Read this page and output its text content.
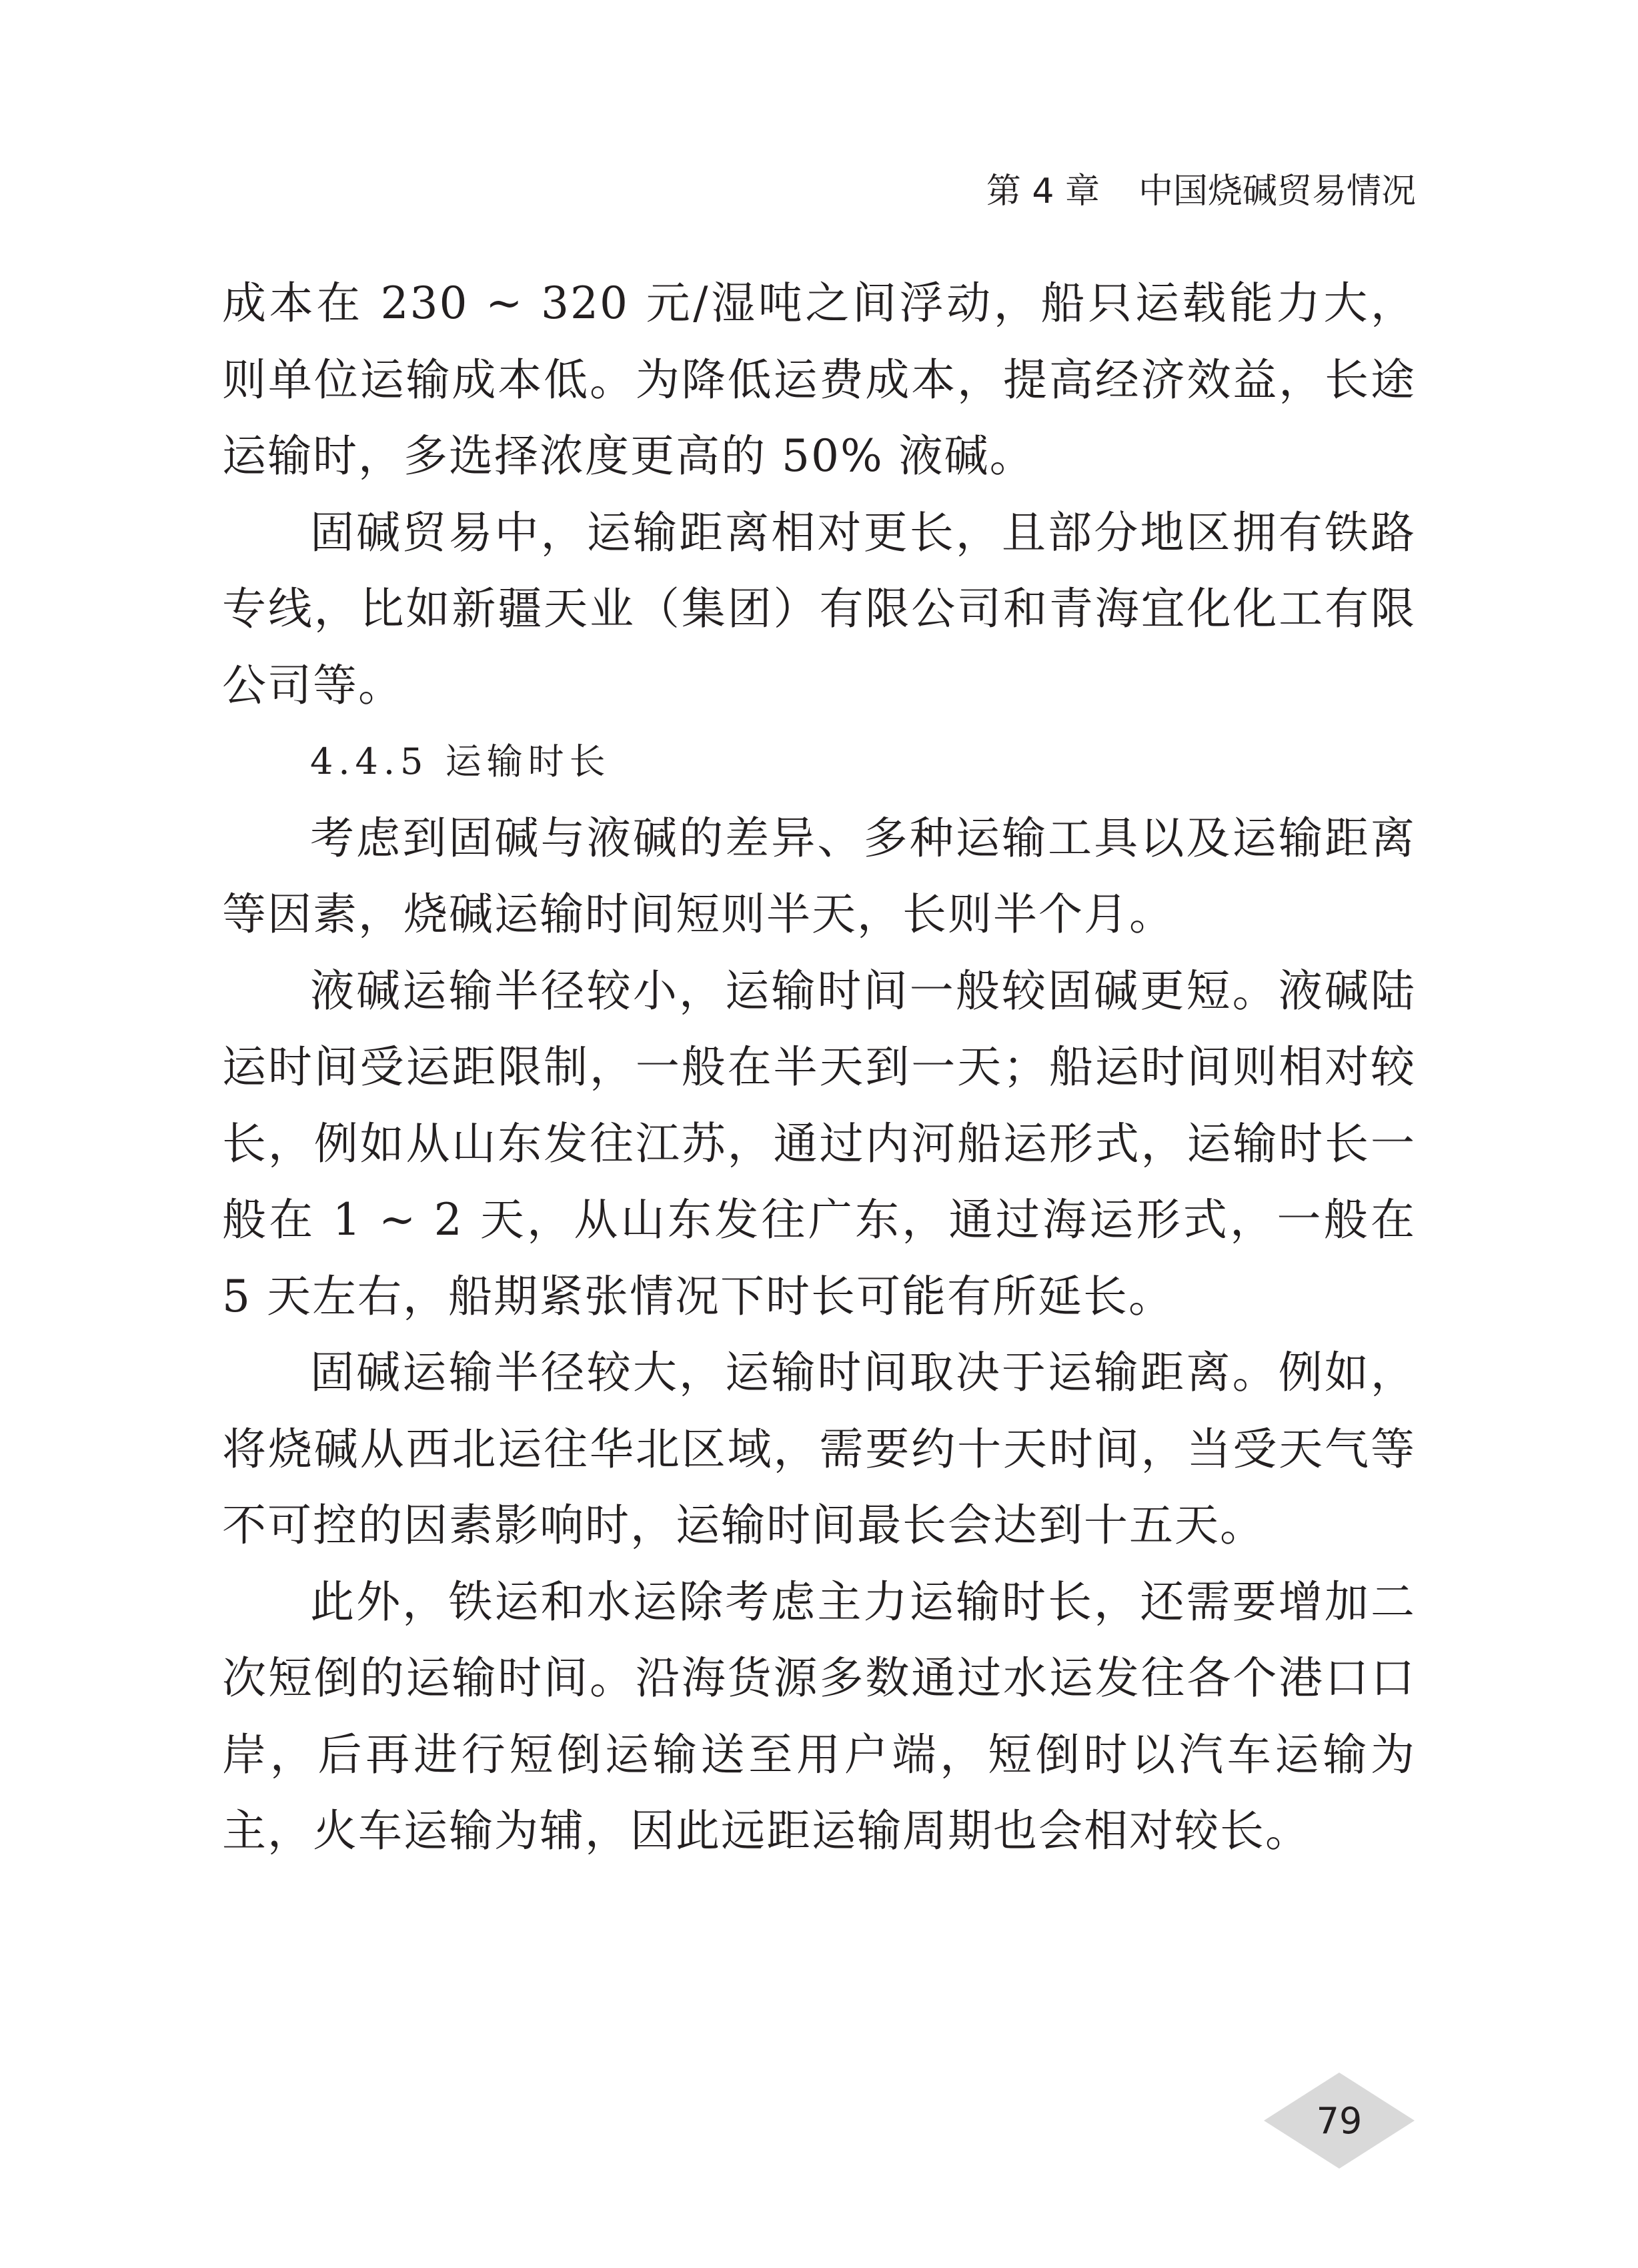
第 4 章 中国烧碱贸易情况

成本在 230 ~ 320 元/湿吨之间浮动，船只运载能力大，则单位运输成本低。为降低运费成本，提高经济效益，长途运输时，多选择浓度更高的 50% 液碱。

固碱贸易中，运输距离相对更长，且部分地区拥有铁路专线，比如新疆天业（集团）有限公司和青海宜化化工有限公司等。

4.4.5 运输时长

考虑到固碱与液碱的差异、多种运输工具以及运输距离等因素，烧碱运输时间短则半天，长则半个月。

液碱运输半径较小，运输时间一般较固碱更短。液碱陆运时间受运距限制，一般在半天到一天；船运时间则相对较长，例如从山东发往江苏，通过内河船运形式，运输时长一般在 1 ~ 2 天，从山东发往广东，通过海运形式，一般在 5 天左右，船期紧张情况下时长可能有所延长。

固碱运输半径较大，运输时间取决于运输距离。例如，将烧碱从西北运往华北区域，需要约十天时间，当受天气等不可控的因素影响时，运输时间最长会达到十五天。

此外，铁运和水运除考虑主力运输时长，还需要增加二次短倒的运输时间。沿海货源多数通过水运发往各个港口口岸，后再进行短倒运输送至用户端，短倒时以汽车运输为主，火车运输为辅，因此远距运输周期也会相对较长。

79
